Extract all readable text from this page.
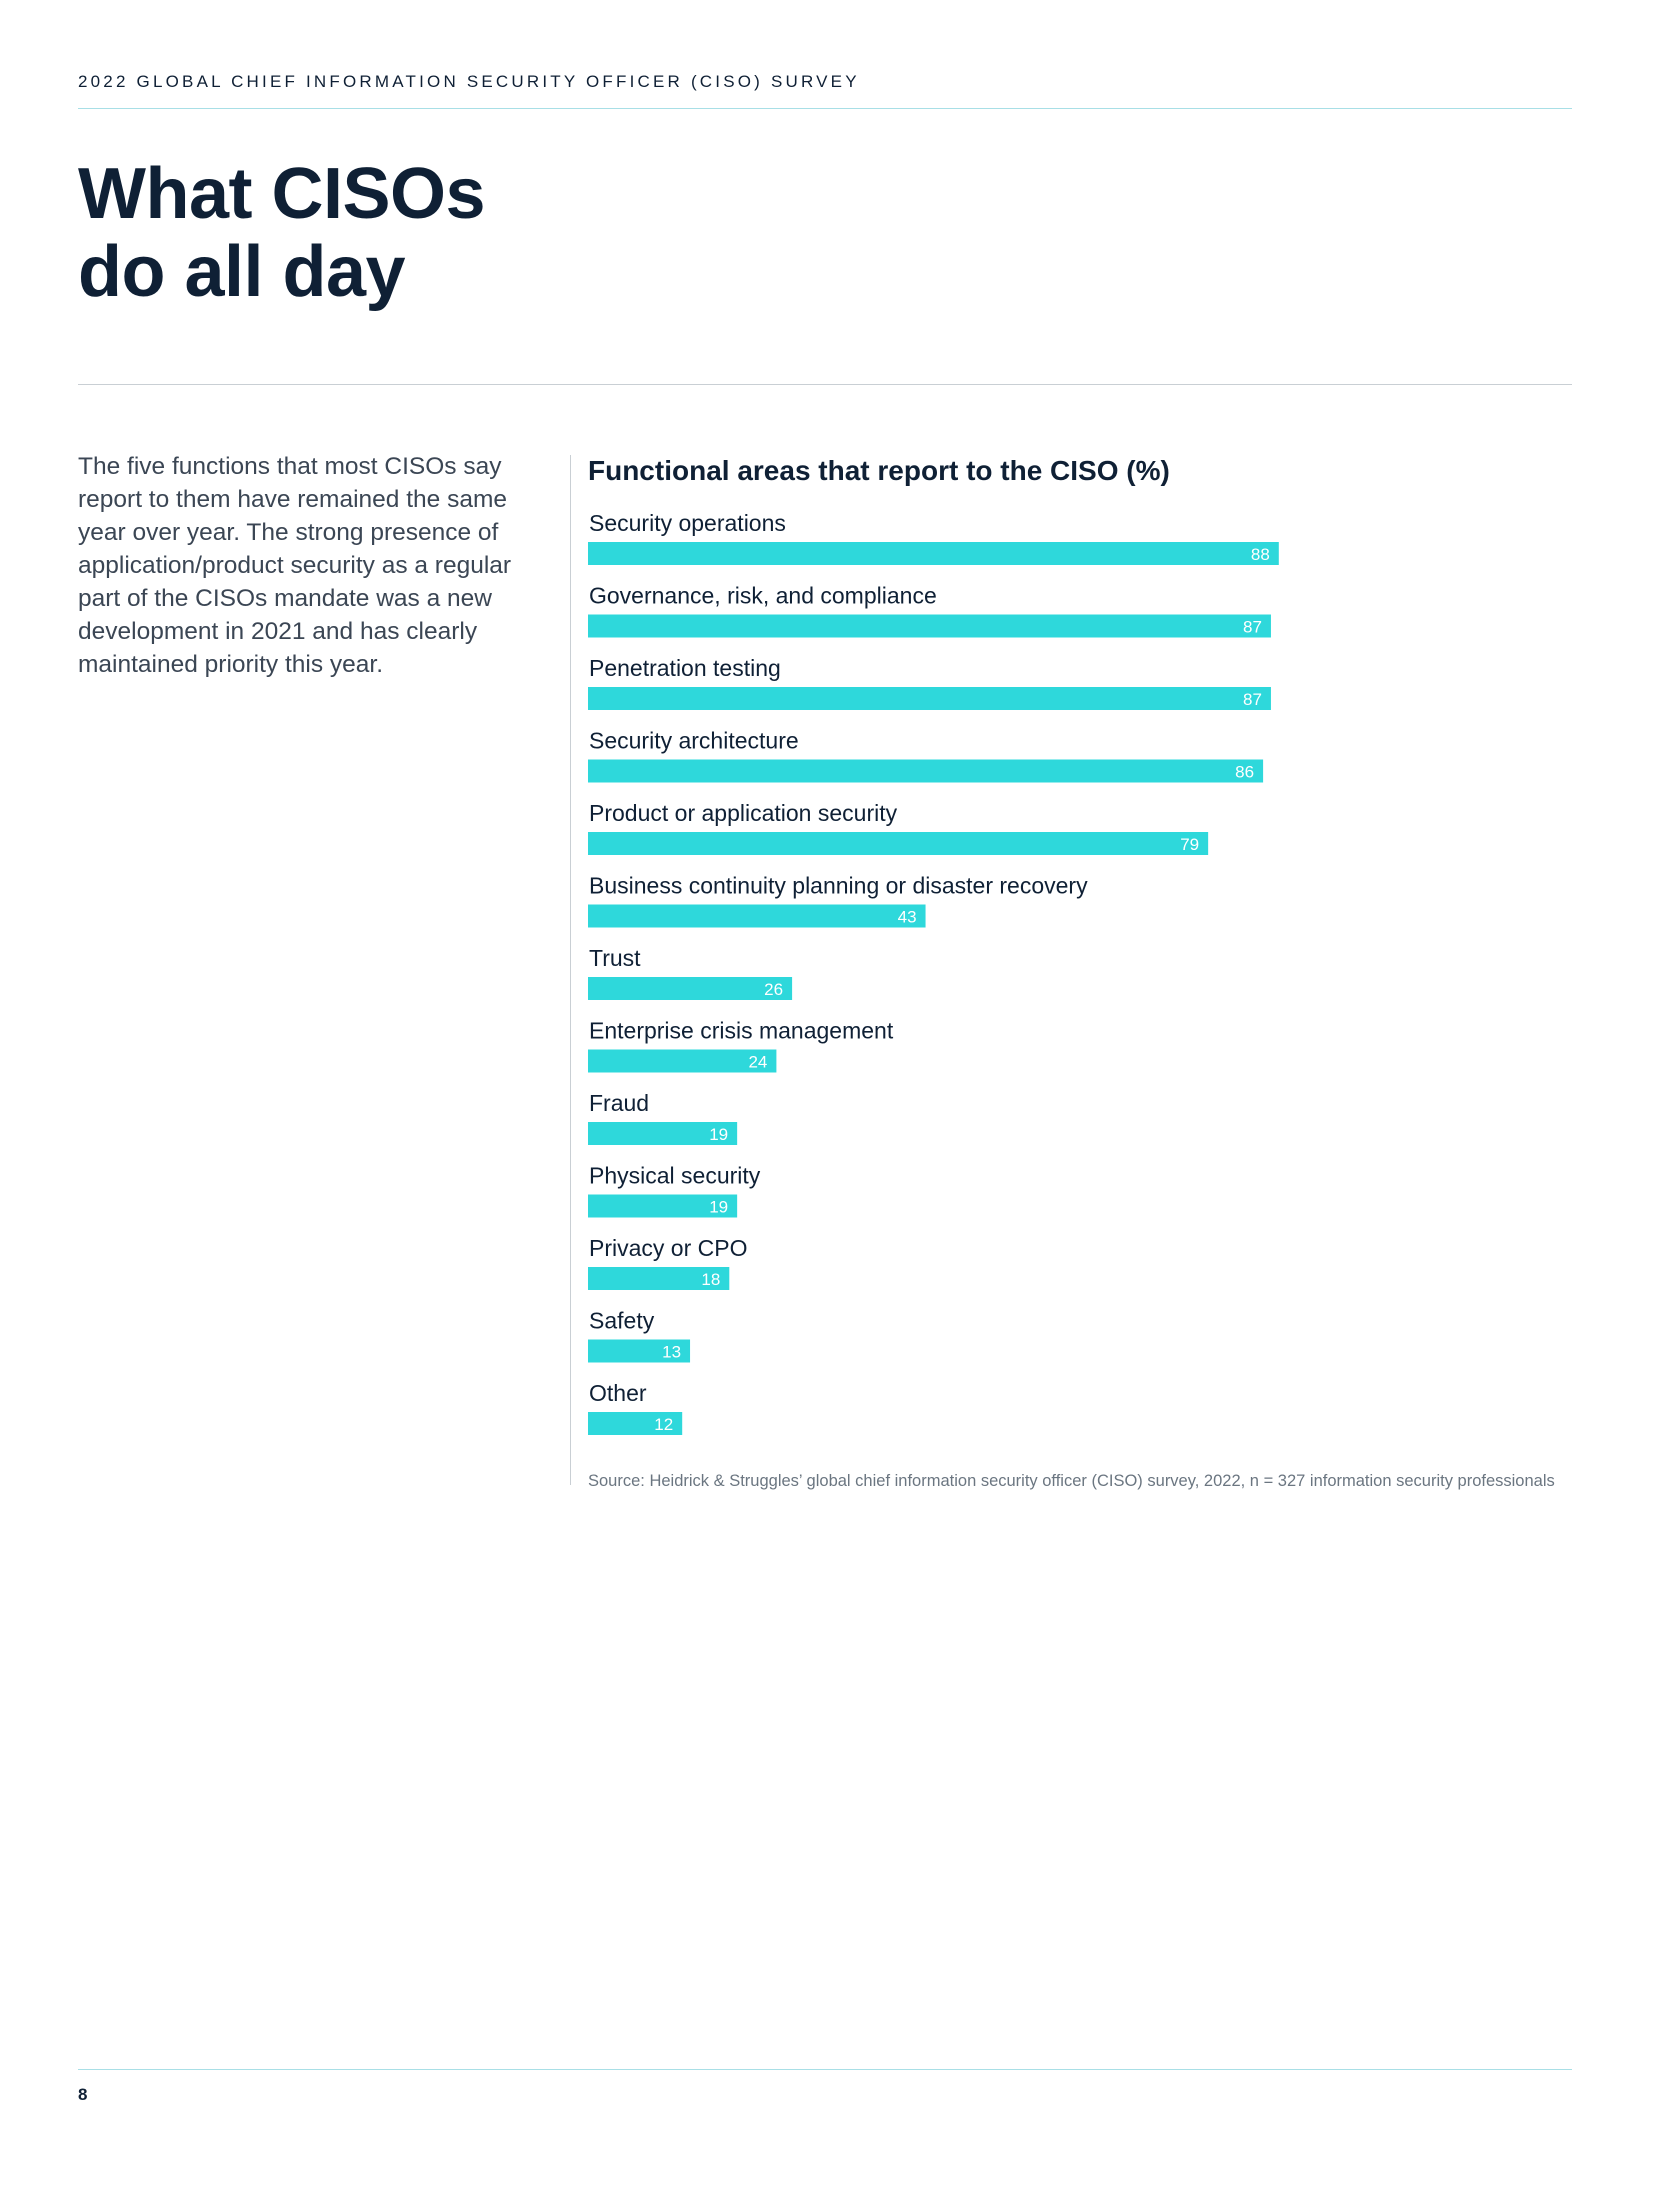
2022 GLOBAL CHIEF INFORMATION SECURITY OFFICER (CISO) SURVEY
What CISOs
do all day

The five functions that most CISOs say report to them have remained the same year over year. The strong presence of application/product security as a regular part of the CISOs mandate was a new development in 2021 and has clearly maintained priority this year.

Security operations
88
Governance, risk, and compliance
87
Penetration testing
87
Security architecture
86
Product or application security
79
Business continuity planning or disaster recovery
43
Trust
26
Enterprise crisis management
24
Fraud
19
Physical security
19
Privacy or CPO
18
Safety
13
Other
12
Functional areas that report to the CISO (%)
Source: Heidrick & Struggles’ global chief information security officer (CISO) survey, 2022, n = 327 information security professionals
8
